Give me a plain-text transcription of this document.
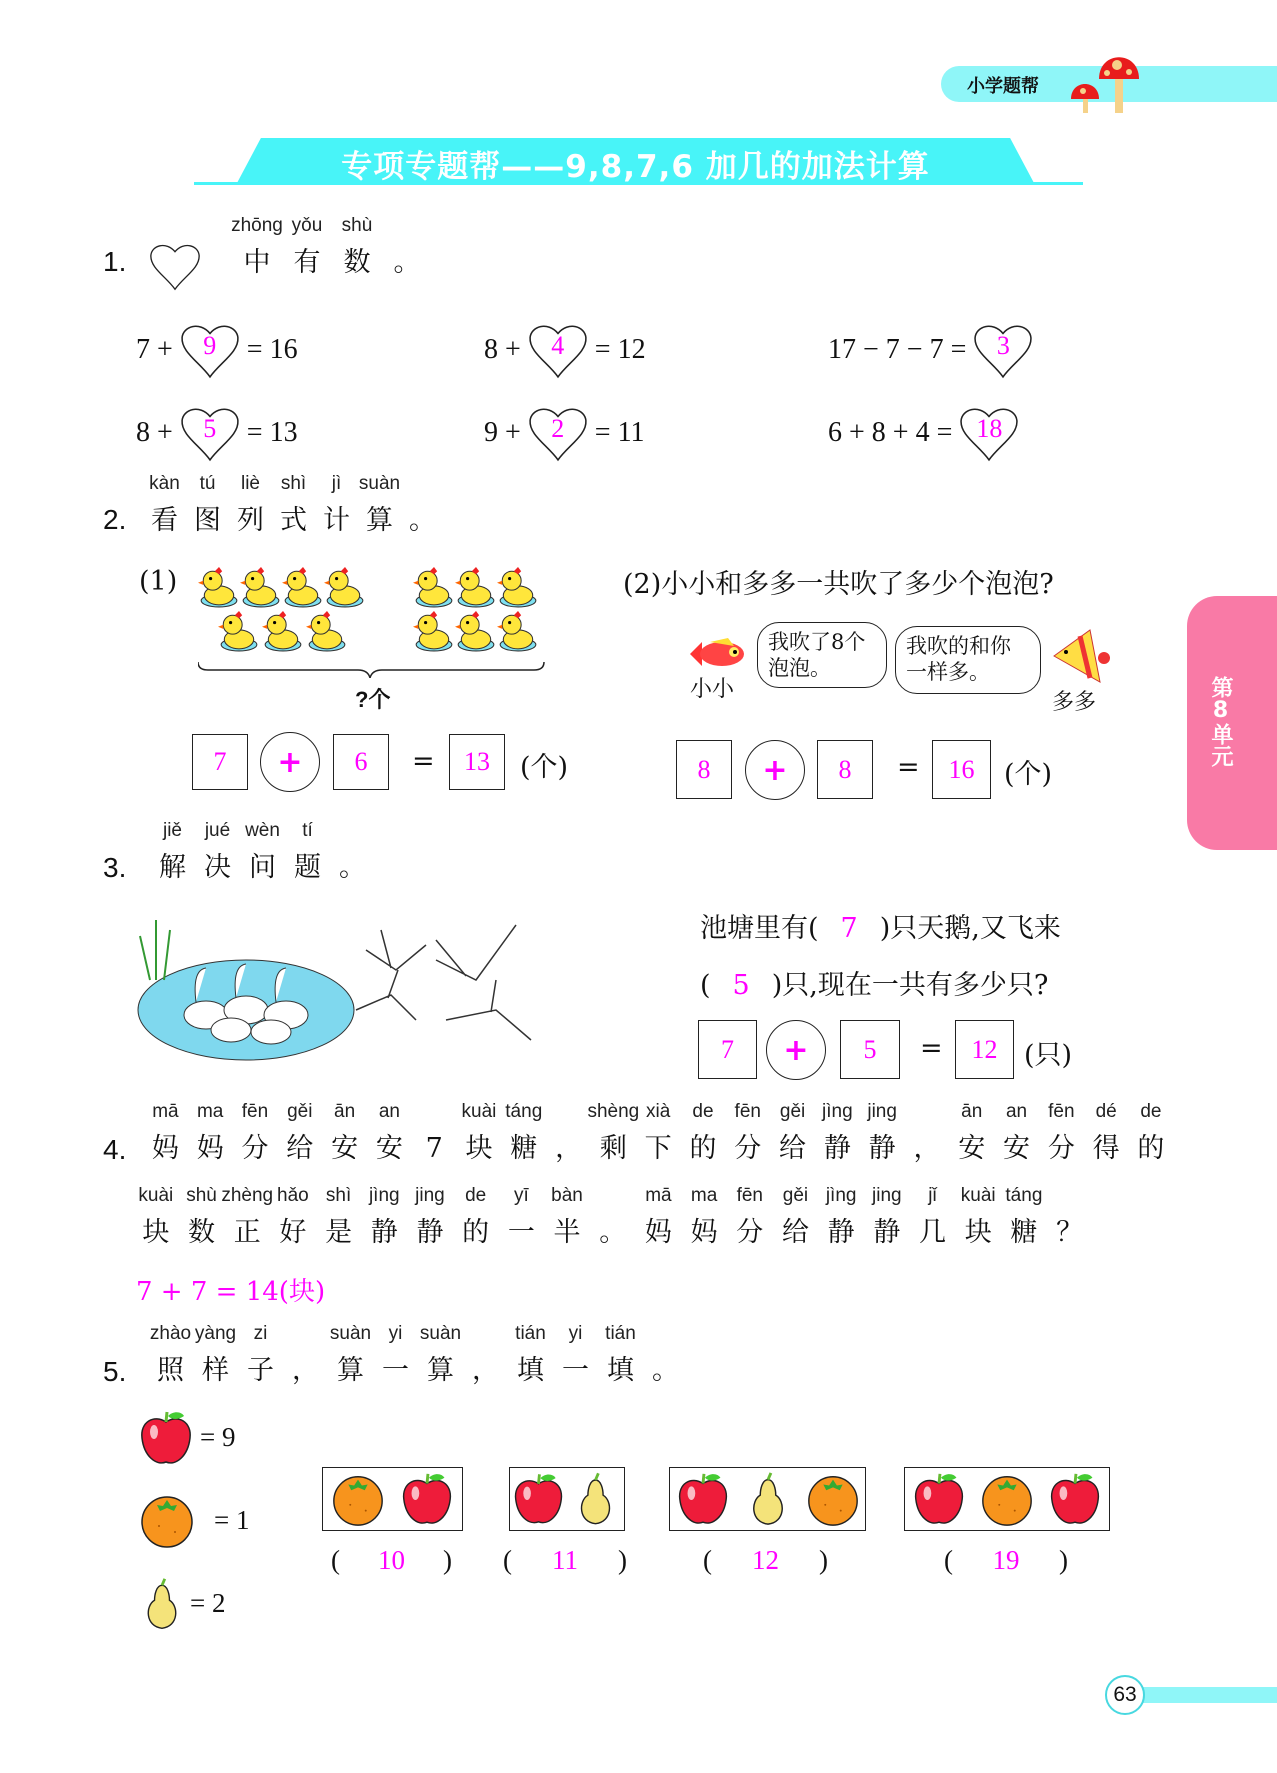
小学题帮
专项专题帮——9,8,7,6 加几的加法计算
第8单元
1.
zhōng
中
yǒu
有
shù
数 。
7 +	9	= 16	8 +	4	= 12	17 − 7 − 7 =	3
8 +	5	= 13	9 +	2	= 11	6 + 8 + 4 = 18
2.
kàn
看
tú
图
liè
列
shì
式
jì
计
suàn
算 。
(1)
?个
7	+	6	=	13	(个)
(2)小小和多多一共吹了多少个泡泡?
小小
我吹了8个
泡泡。
我吹的和你
一样多。
多多
8	+	8	=	16	(个)
3.
jiě
解
jué
决
wèn
问
tí
题 。
池塘里有( 7 )只天鹅,又飞来
( 5 )只,现在一共有多少只?
7	+	5	=	12 (只)
4.
mā
妈
ma
妈
fēn
分
gěi
给
ān
安
an
安 7
kuài
块
táng
糖 ，
shèng
剩
xià
下
de
的
fēn
分
gěi
给
jìng
静
jing
静 ，
ān
安
an
安
fēn
分
dé
得
de
的
kuài
块
shù
数
zhèng
正
hǎo
好
shì
是
jìng
静
jing
静
de
的
yī
一
bàn
半 。
mā
妈
ma
妈
fēn
分
gěi
给
jìng
静
jing
静
jǐ
几
kuài
块
táng
糖 ？
7 + 7 = 14(块)
5.
zhào
照
yàng
样
zi
子 ，
suàn
算
yi
一
suàn
算 ，
tián
填
yi
一
tián
填 。
= 9
= 1
= 2
( 10 ) ( 11 )	( 12 )	( 19 )
63
